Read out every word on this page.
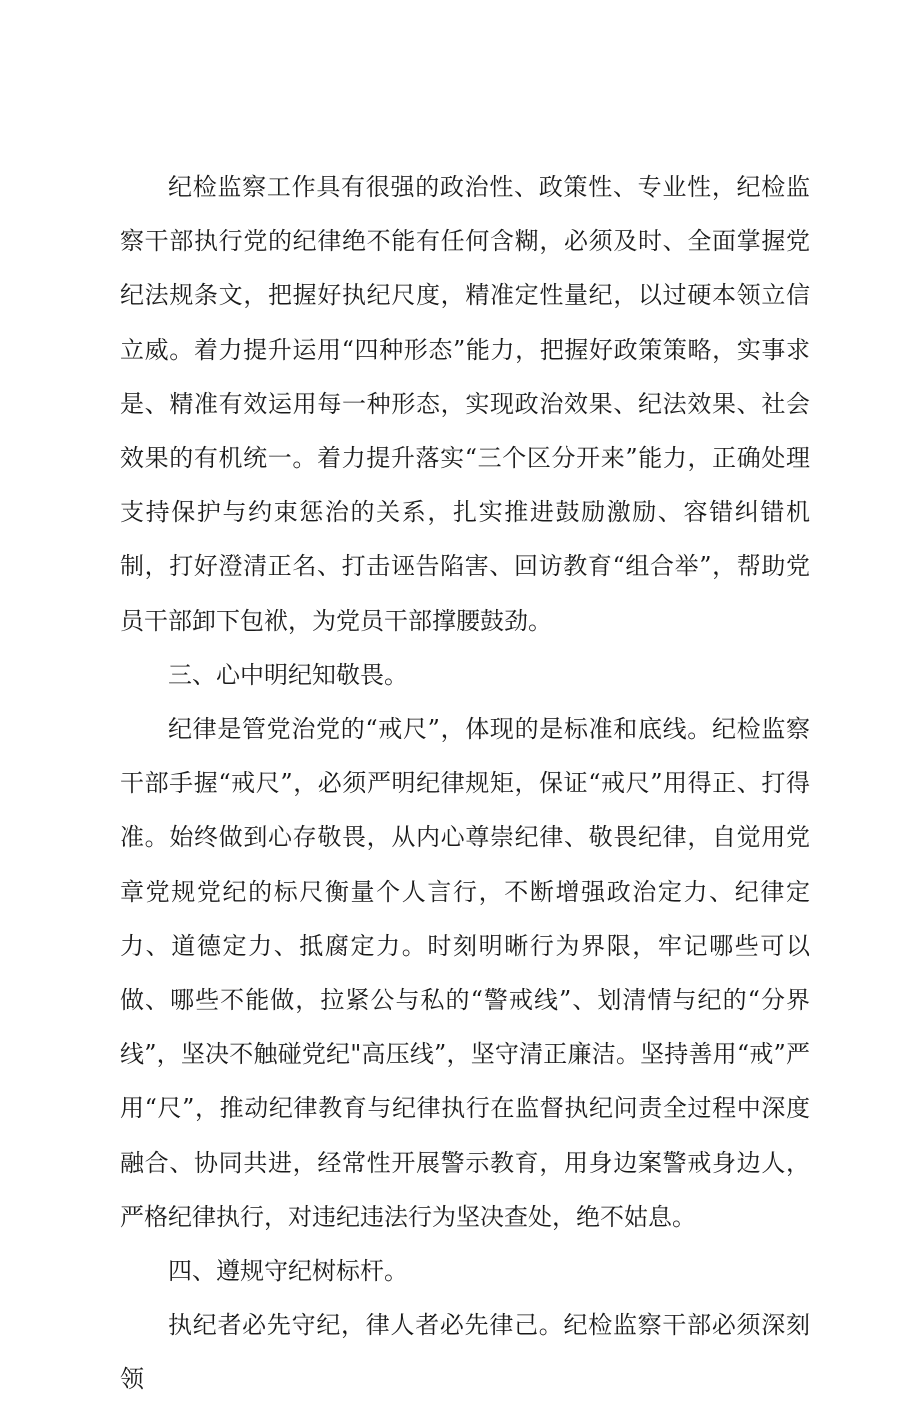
纪检监察工作具有很强的政治性、政策性、专业性，纪检监察干部执行党的纪律绝不能有任何含糊，必须及时、全面掌握党纪法规条文，把握好执纪尺度，精准定性量纪，以过硬本领立信立威。着力提升运用“四种形态”能力，把握好政策策略，实事求是、精准有效运用每一种形态，实现政治效果、纪法效果、社会效果的有机统一。着力提升落实“三个区分开来”能力，正确处理支持保护与约束惩治的关系，扎实推进鼓励激励、容错纠错机制，打好澄清正名、打击诬告陷害、回访教育“组合举”，帮助党员干部卸下包袱，为党员干部撑腰鼓劲。

三、心中明纪知敬畏。

纪律是管党治党的“戒尺”，体现的是标准和底线。纪检监察干部手握“戒尺”，必须严明纪律规矩，保证“戒尺”用得正、打得准。始终做到心存敬畏，从内心尊崇纪律、敬畏纪律，自觉用党章党规党纪的标尺衡量个人言行，不断增强政治定力、纪律定力、道德定力、抵腐定力。时刻明晰行为界限，牢记哪些可以做、哪些不能做，拉紧公与私的“警戒线”、划清情与纪的“分界线”，坚决不触碰党纪"高压线”，坚守清正廉洁。坚持善用“戒”严用“尺”，推动纪律教育与纪律执行在监督执纪问责全过程中深度融合、协同共进，经常性开展警示教育，用身边案警戒身边人，严格纪律执行，对违纪违法行为坚决查处，绝不姑息。

四、遵规守纪树标杆。

执纪者必先守纪，律人者必先律己。纪检监察干部必须深刻领
